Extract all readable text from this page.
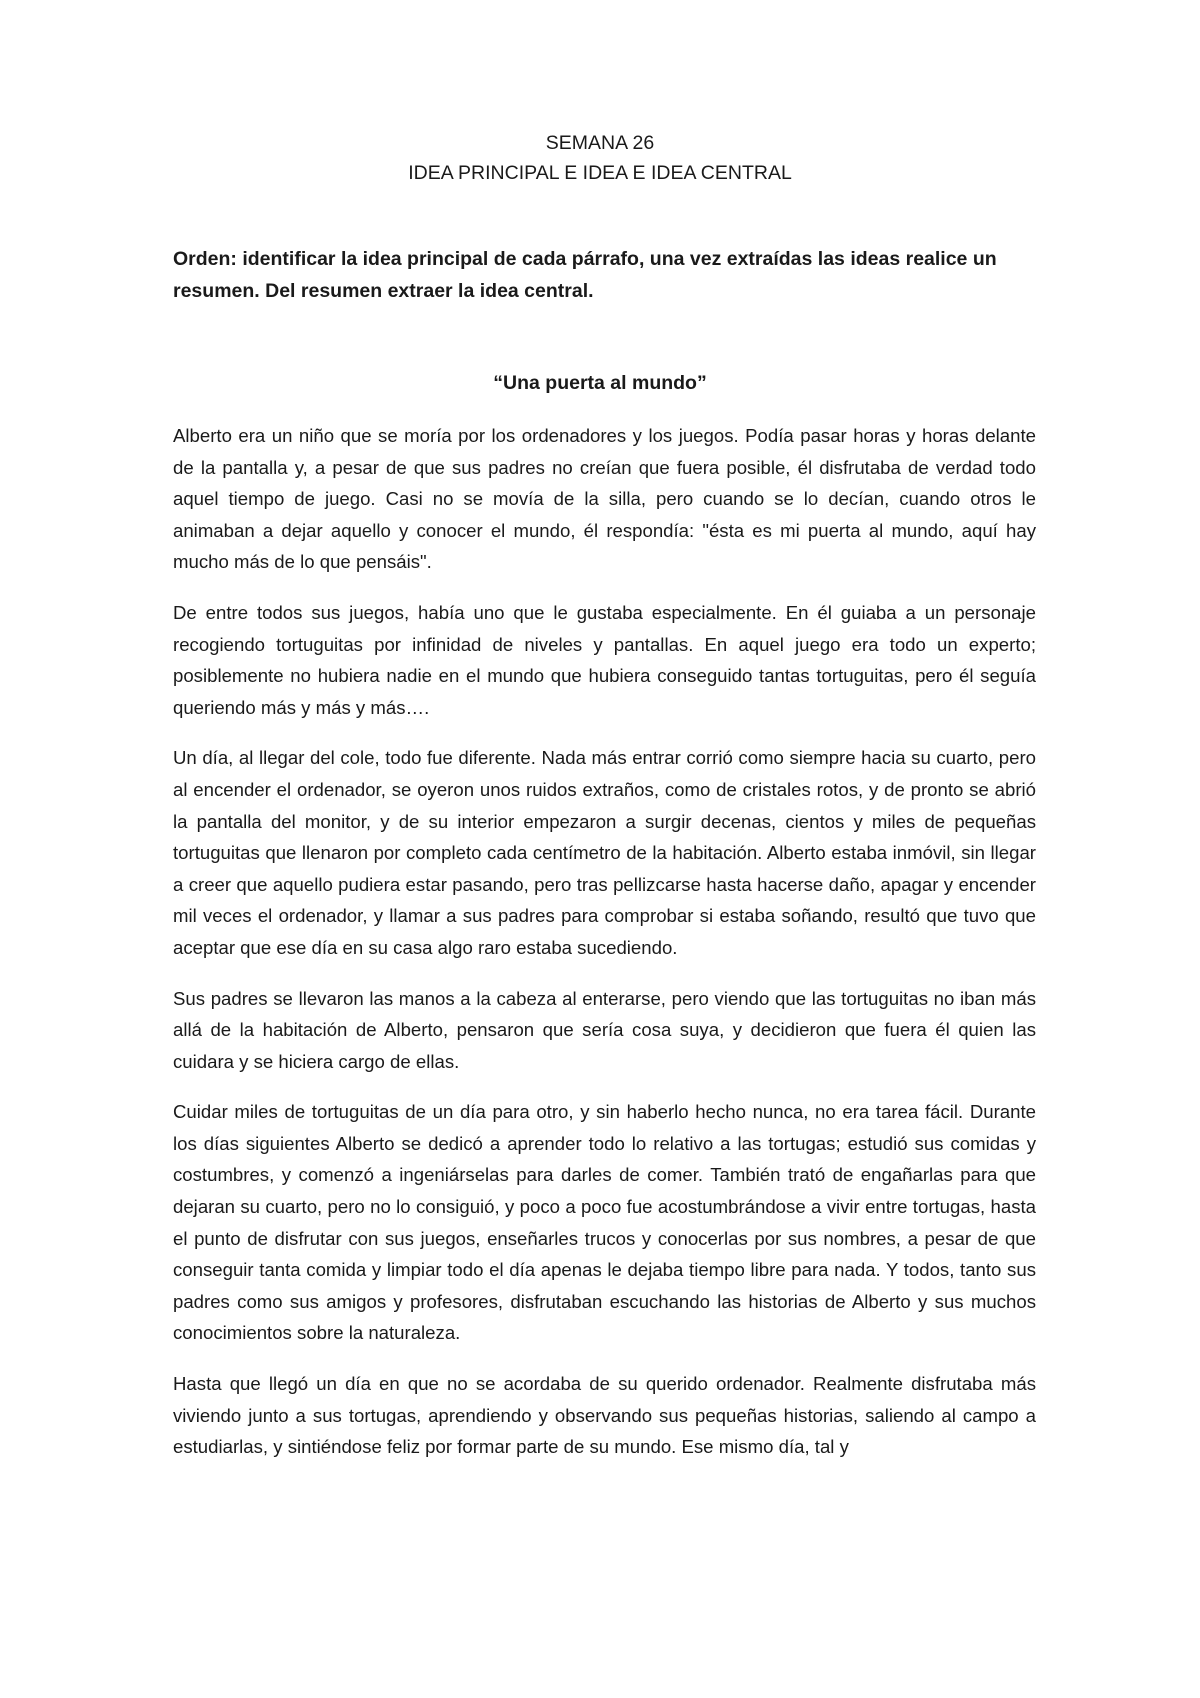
SEMANA 26
IDEA PRINCIPAL E IDEA E IDEA CENTRAL
Orden: identificar la idea principal de cada párrafo, una vez extraídas las ideas realice un resumen. Del resumen extraer la idea central.
“Una puerta al mundo”

Alberto era un niño que se moría por los ordenadores y los juegos. Podía pasar horas y horas delante de la pantalla y, a pesar de que sus padres no creían que fuera posible, él disfrutaba de verdad todo aquel tiempo de juego. Casi no se movía de la silla, pero cuando se lo decían, cuando otros le animaban a dejar aquello y conocer el mundo, él respondía: "ésta es mi puerta al mundo, aquí hay mucho más de lo que pensáis".

De entre todos sus juegos, había uno que le gustaba especialmente. En él guiaba a un personaje recogiendo tortuguitas por infinidad de niveles y pantallas. En aquel juego era todo un experto; posiblemente no hubiera nadie en el mundo que hubiera conseguido tantas tortuguitas, pero él seguía queriendo más y más y más….

Un día, al llegar del cole, todo fue diferente. Nada más entrar corrió como siempre hacia su cuarto, pero al encender el ordenador, se oyeron unos ruidos extraños, como de cristales rotos, y de pronto se abrió la pantalla del monitor, y de su interior empezaron a surgir decenas, cientos y miles de pequeñas tortuguitas que llenaron por completo cada centímetro de la habitación. Alberto estaba inmóvil, sin llegar a creer que aquello pudiera estar pasando, pero tras pellizcarse hasta hacerse daño, apagar y encender mil veces el ordenador, y llamar a sus padres para comprobar si estaba soñando, resultó que tuvo que aceptar que ese día en su casa algo raro estaba sucediendo.

Sus padres se llevaron las manos a la cabeza al enterarse, pero viendo que las tortuguitas no iban más allá de la habitación de Alberto, pensaron que sería cosa suya, y decidieron que fuera él quien las cuidara y se hiciera cargo de ellas.

Cuidar miles de tortuguitas de un día para otro, y sin haberlo hecho nunca, no era tarea fácil. Durante los días siguientes Alberto se dedicó a aprender todo lo relativo a las tortugas; estudió sus comidas y costumbres, y comenzó a ingeniárselas para darles de comer. También trató de engañarlas para que dejaran su cuarto, pero no lo consiguió, y poco a poco fue acostumbrándose a vivir entre tortugas, hasta el punto de disfrutar con sus juegos, enseñarles trucos y conocerlas por sus nombres, a pesar de que conseguir tanta comida y limpiar todo el día apenas le dejaba tiempo libre para nada. Y todos, tanto sus padres como sus amigos y profesores, disfrutaban escuchando las historias de Alberto y sus muchos conocimientos sobre la naturaleza.

Hasta que llegó un día en que no se acordaba de su querido ordenador. Realmente disfrutaba más viviendo junto a sus tortugas, aprendiendo y observando sus pequeñas historias, saliendo al campo a estudiarlas, y sintiéndose feliz por formar parte de su mundo. Ese mismo día, tal y
